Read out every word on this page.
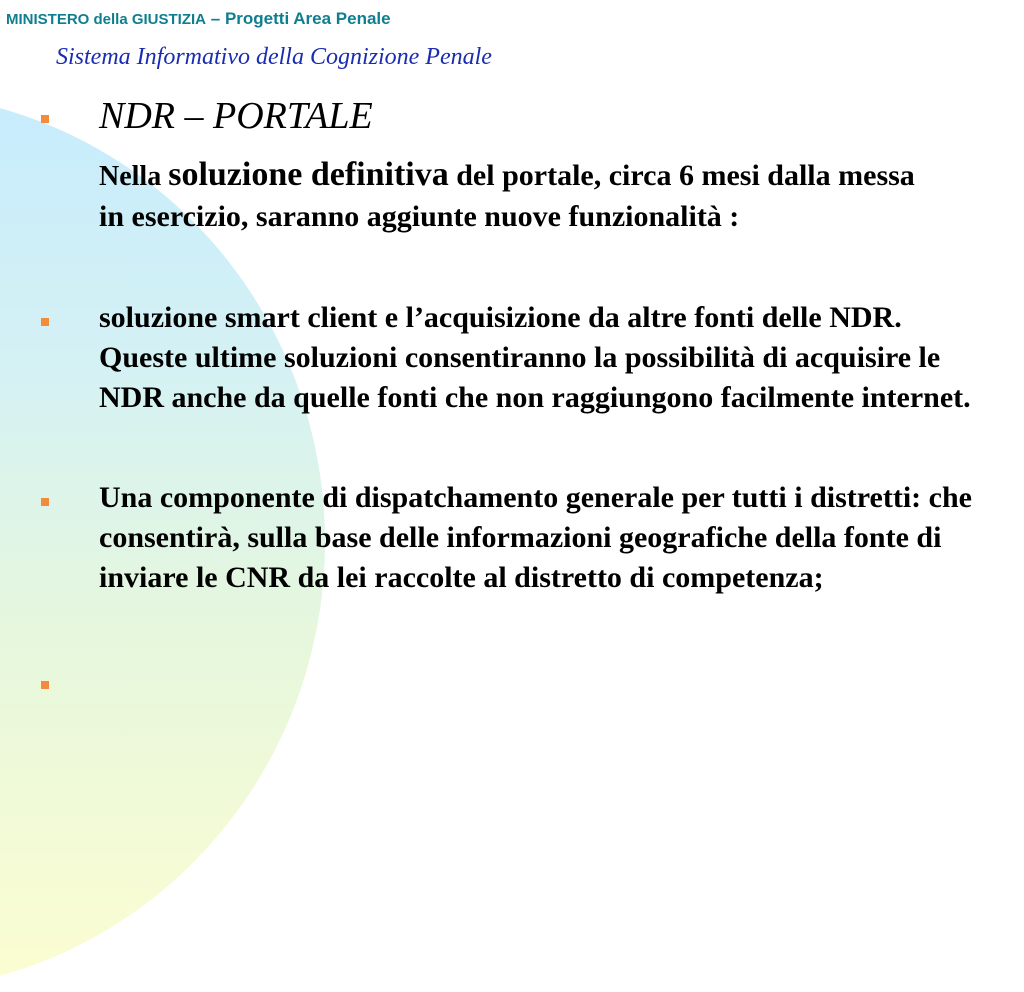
MINISTERO della GIUSTIZIA – Progetti Area Penale
Sistema Informativo della Cognizione Penale
NDR – PORTALE
Nella soluzione definitiva del portale, circa 6 mesi dalla messa in esercizio, saranno aggiunte nuove funzionalità :
soluzione smart client e l’acquisizione da altre fonti delle NDR. Queste ultime soluzioni consentiranno la possibilità di acquisire le NDR anche da quelle fonti che non raggiungono facilmente internet.
Una componente di dispatchamento generale per tutti i distretti: che consentirà, sulla base delle informazioni geografiche della fonte di inviare le CNR da lei raccolte al distretto di competenza;
